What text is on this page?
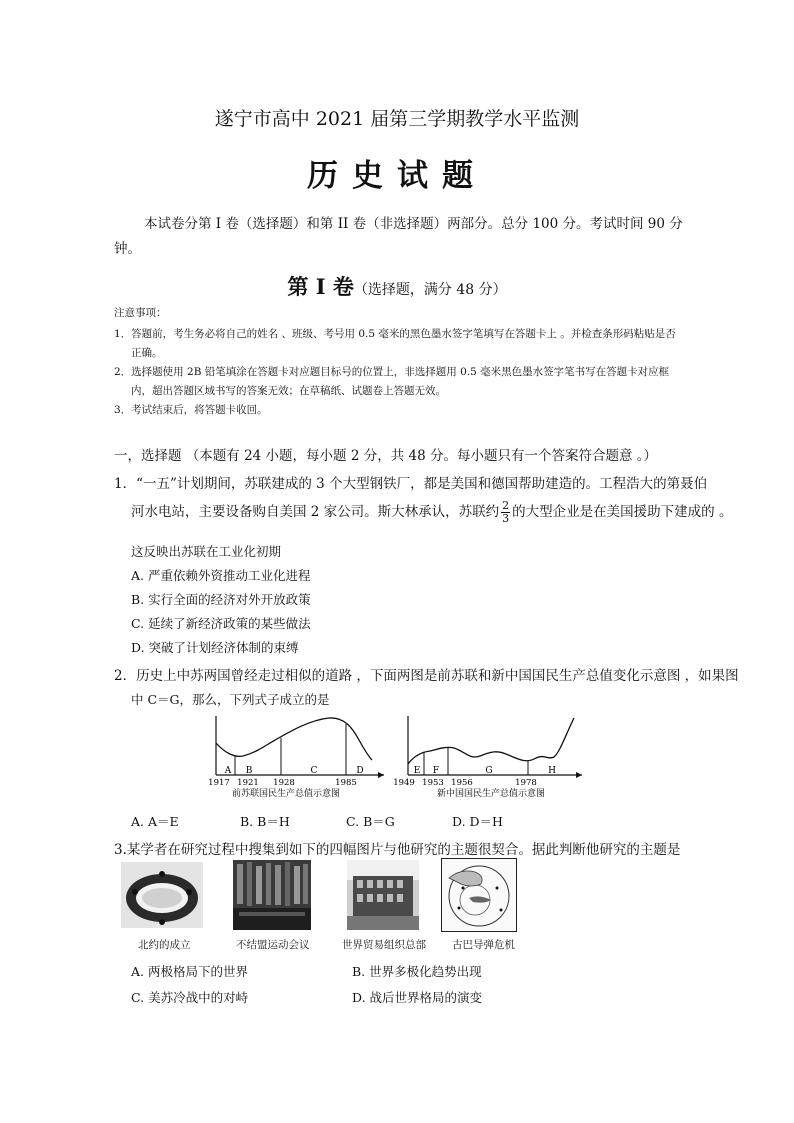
遂宁市高中 2021 届第三学期教学水平监测
历史试题
本试卷分第 I 卷（选择题）和第 II 卷（非选择题）两部分。总分 100 分。考试时间 90 分钟。
第 I 卷（选择题，满分 48 分）
注意事项：
1．答题前，考生务必将自己的姓名 、班级、考号用 0.5 毫米的黑色墨水签字笔填写在答题卡上 。并检查条形码粘贴是否
正确。
2．选择题使用 2B 铅笔填涂在答题卡对应题目标号的位置上，非选择题用 0.5 毫米黑色墨水签字笔书写在答题卡对应框
内，超出答题区域书写的答案无效；在草稿纸、试题卷上答题无效。
3．考试结束后，将答题卡收回。
一，选择题 （本题有 24 小题，每小题 2 分，共 48 分。每小题只有一个答案符合题意 。）
1．“一五”计划期间，苏联建成的 3 个大型钢铁厂，都是美国和德国帮助建造的。工程浩大的第聂伯
河水电站，主要设备购自美国 2 家公司。斯大林承认，苏联约 $\frac{2}{3}$ 的大型企业是在美国援助下建成的 。
这反映出苏联在工业化初期
A. 严重依赖外资推动工业化进程
B. 实行全面的经济对外开放政策
C. 延续了新经济政策的某些做法
D. 突破了计划经济体制的束缚
2．历史上中苏两国曾经走过相似的道路 ，下面两图是前苏联和新中国国民生产总值变化示意图 ，如果图
中 C＝G，那么，下列式子成立的是
A B	C	D
1917 1921 1928	1985
前苏联国民生产总值示意图
E F	G	H
1949 1953 1956	1978
新中国国民生产总值示意图
A. A＝E	B. B＝H	C. B＝G	D. D＝H
3.某学者在研究过程中搜集到如下的四幅图片与他研究的主题很契合。据此判断他研究的主题是
北约的成立	不结盟运动会议	世界贸易组织总部 古巴导弹危机
A. 两极格局下的世界	B. 世界多极化趋势出现
C. 美苏冷战中的对峙	D. 战后世界格局的演变
